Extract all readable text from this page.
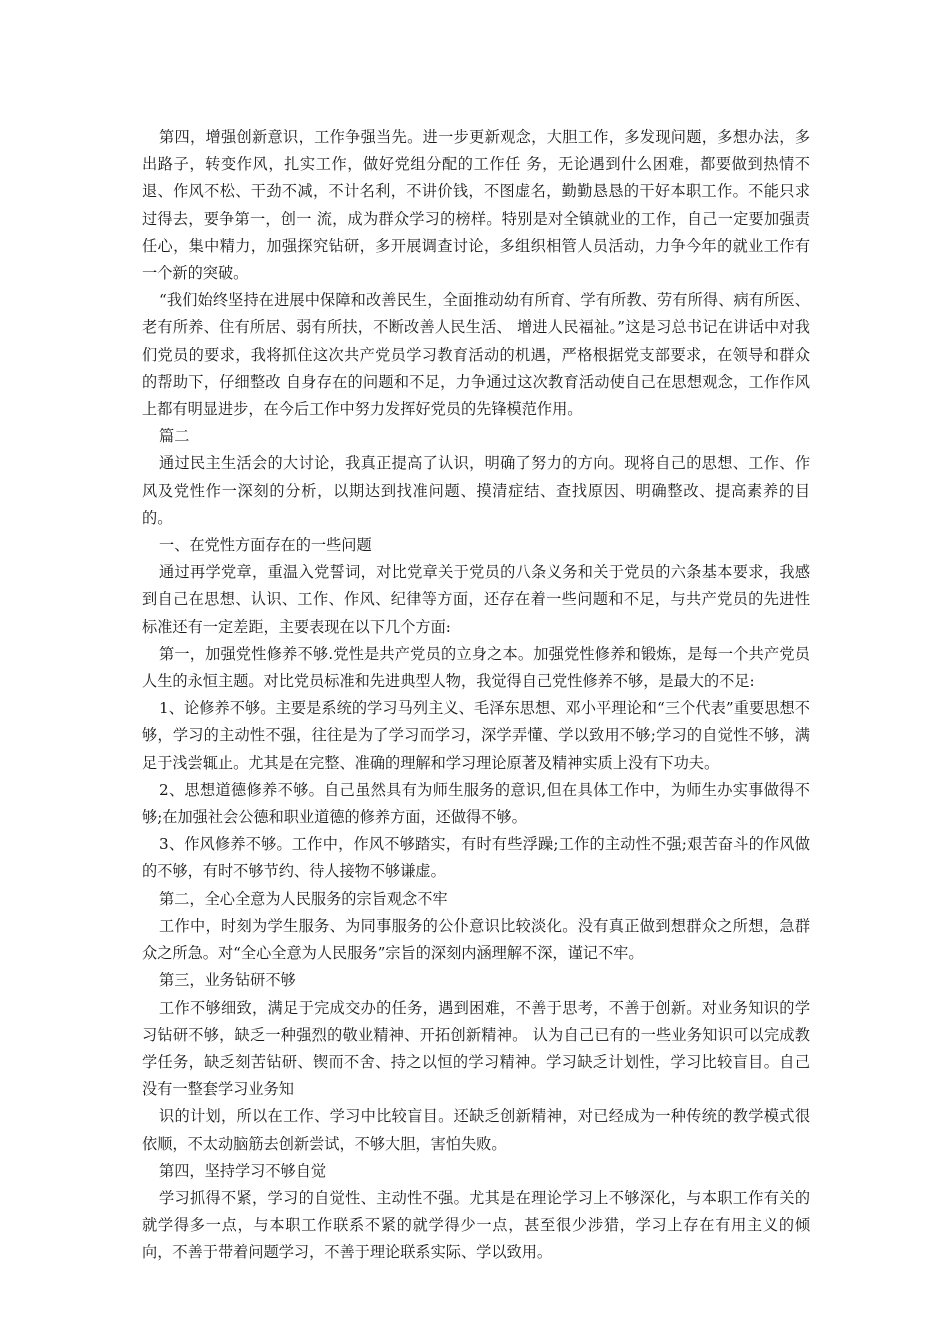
第四，增强创新意识，工作争强当先。进一步更新观念，大胆工作，多发现问题，多想办法，多出路子，转变作风，扎实工作，做好党组分配的工作任 务，无论遇到什么困难，都要做到热情不退、作风不松、干劲不减，不计名利，不讲价钱，不图虚名，勤勤恳恳的干好本职工作。不能只求过得去，要争第一，创一 流，成为群众学习的榜样。特别是对全镇就业的工作，自己一定要加强责任心，集中精力，加强探究钻研，多开展调查讨论，多组织相管人员活动，力争今年的就业工作有一个新的突破。

“我们始终坚持在进展中保障和改善民生，全面推动幼有所育、学有所教、劳有所得、病有所医、老有所养、住有所居、弱有所扶，不断改善人民生活、 增进人民福祉。”这是习总书记在讲话中对我们党员的要求，我将抓住这次共产党员学习教育活动的机遇，严格根据党支部要求，在领导和群众的帮助下，仔细整改 自身存在的问题和不足，力争通过这次教育活动使自己在思想观念，工作作风上都有明显进步，在今后工作中努力发挥好党员的先锋模范作用。

篇二

通过民主生活会的大讨论，我真正提高了认识，明确了努力的方向。现将自己的思想、工作、作风及党性作一深刻的分析，以期达到找准问题、摸清症结、查找原因、明确整改、提高素养的目的。

一、在党性方面存在的一些问题

通过再学党章，重温入党誓词，对比党章关于党员的八条义务和关于党员的六条基本要求，我感到自己在思想、认识、工作、作风、纪律等方面，还存在着一些问题和不足，与共产党员的先进性标准还有一定差距，主要表现在以下几个方面:

第一，加强党性修养不够.党性是共产党员的立身之本。加强党性修养和锻炼，是每一个共产党员人生的永恒主题。对比党员标准和先进典型人物，我觉得自己党性修养不够，是最大的不足:

1、论修养不够。主要是系统的学习马列主义、毛泽东思想、邓小平理论和“三个代表”重要思想不够，学习的主动性不强，往往是为了学习而学习，深学弄懂、学以致用不够;学习的自觉性不够，满足于浅尝辄止。尤其是在完整、准确的理解和学习理论原著及精神实质上没有下功夫。

2、思想道德修养不够。自己虽然具有为师生服务的意识,但在具体工作中，为师生办实事做得不够;在加强社会公德和职业道德的修养方面，还做得不够。

3、作风修养不够。工作中，作风不够踏实，有时有些浮躁;工作的主动性不强;艰苦奋斗的作风做的不够，有时不够节约、待人接物不够谦虚。

第二，全心全意为人民服务的宗旨观念不牢

工作中，时刻为学生服务、为同事服务的公仆意识比较淡化。没有真正做到想群众之所想，急群众之所急。对“全心全意为人民服务”宗旨的深刻内涵理解不深，谨记不牢。

第三，业务钻研不够

工作不够细致，满足于完成交办的任务，遇到困难，不善于思考，不善于创新。对业务知识的学习钻研不够，缺乏一种强烈的敬业精神、开拓创新精神。 认为自己已有的一些业务知识可以完成教学任务，缺乏刻苦钻研、锲而不舍、持之以恒的学习精神。学习缺乏计划性，学习比较盲目。自己没有一整套学习业务知

识的计划，所以在工作、学习中比较盲目。还缺乏创新精神，对已经成为一种传统的教学模式很依顺，不太动脑筋去创新尝试，不够大胆，害怕失败。

第四，坚持学习不够自觉

学习抓得不紧，学习的自觉性、主动性不强。尤其是在理论学习上不够深化，与本职工作有关的就学得多一点，与本职工作联系不紧的就学得少一点，甚至很少涉猎，学习上存在有用主义的倾向，不善于带着问题学习，不善于理论联系实际、学以致用。
